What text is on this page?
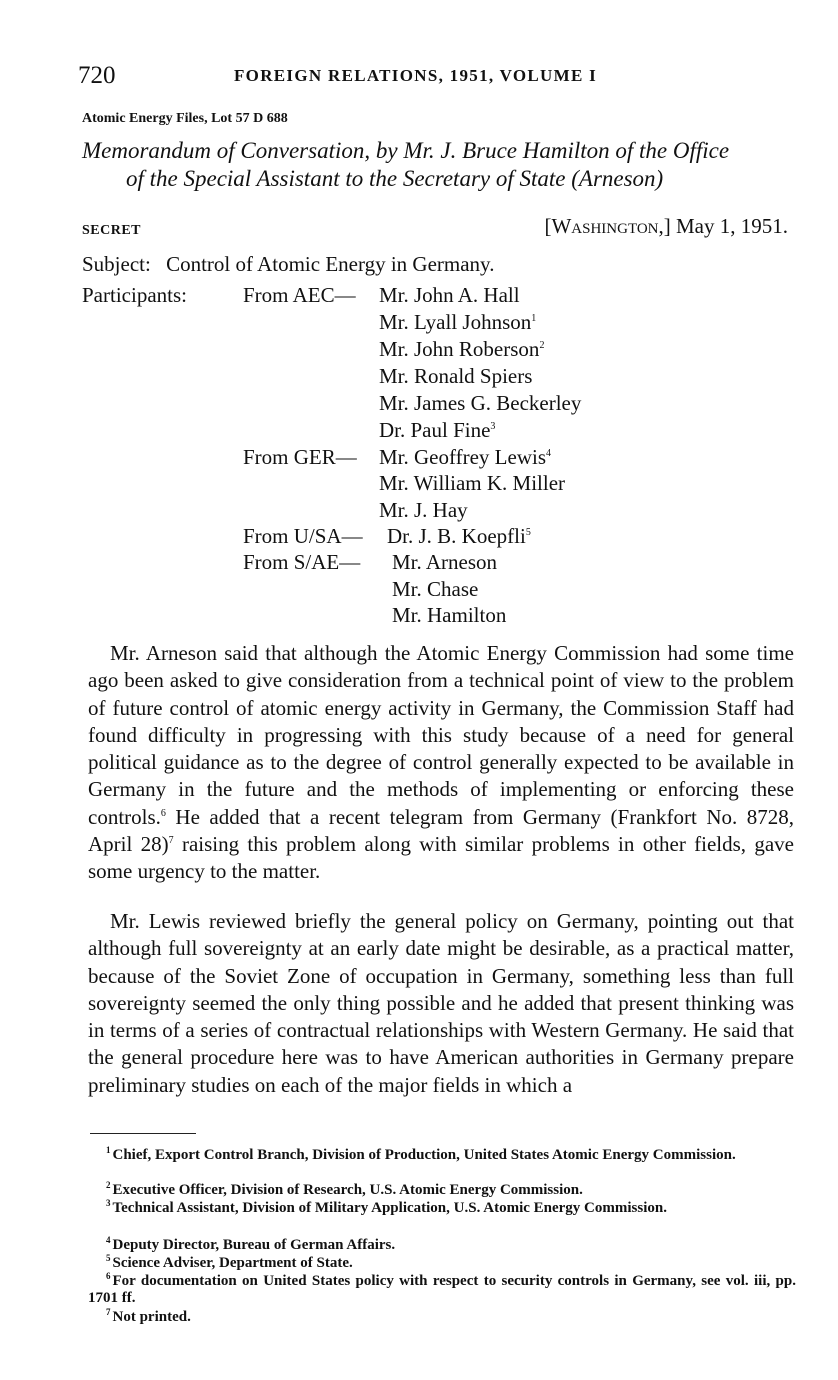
720	FOREIGN RELATIONS, 1951, VOLUME I
Atomic Energy Files, Lot 57 D 688
Memorandum of Conversation, by Mr. J. Bruce Hamilton of the Office
of the Special Assistant to the Secretary of State (Arneson)
SECRET	[Washington,] May 1, 1951.
Subject: Control of Atomic Energy in Germany.
Participants:	From AEC— Mr. John A. Hall
Mr. Lyall Johnson$^1$
Mr. John Roberson$^2$
Mr. Ronald Spiers
Mr. James G. Beckerley
Dr. Paul Fine$^3$
From GER— Mr. Geoffrey Lewis$^4$
Mr. William K. Miller
Mr. J. Hay
From U/SA— Dr. J. B. Koepfli$^5$
From S/AE— Mr. Arneson
Mr. Chase
Mr. Hamilton

Mr. Arneson said that although the Atomic Energy Commission had some time ago been asked to give consideration from a technical point of view to the problem of future control of atomic energy activity in Germany, the Commission Staff had found difficulty in progressing with this study because of a need for general political guidance as to the degree of control generally expected to be available in Germany in the future and the methods of implementing or enforcing these controls.$^6$ He added that a recent telegram from Germany (Frankfort No. 8728, April 28)$^7$ raising this problem along with similar problems in other fields, gave some urgency to the matter.

Mr. Lewis reviewed briefly the general policy on Germany, pointing out that although full sovereignty at an early date might be desirable, as a practical matter, because of the Soviet Zone of occupation in Germany, something less than full sovereignty seemed the only thing possible and he added that present thinking was in terms of a series of contractual relationships with Western Germany. He said that the general procedure here was to have American authorities in Germany prepare preliminary studies on each of the major fields in which a

$^1$ Chief, Export Control Branch, Division of Production, United States Atomic Energy Commission.
$^2$ Executive Officer, Division of Research, U.S. Atomic Energy Commission.
$^3$ Technical Assistant, Division of Military Application, U.S. Atomic Energy Commission.
$^4$ Deputy Director, Bureau of German Affairs.
$^5$ Science Adviser, Department of State.
$^6$ For documentation on United States policy with respect to security controls in Germany, see vol. iii, pp. 1701 ff.
$^7$ Not printed.
